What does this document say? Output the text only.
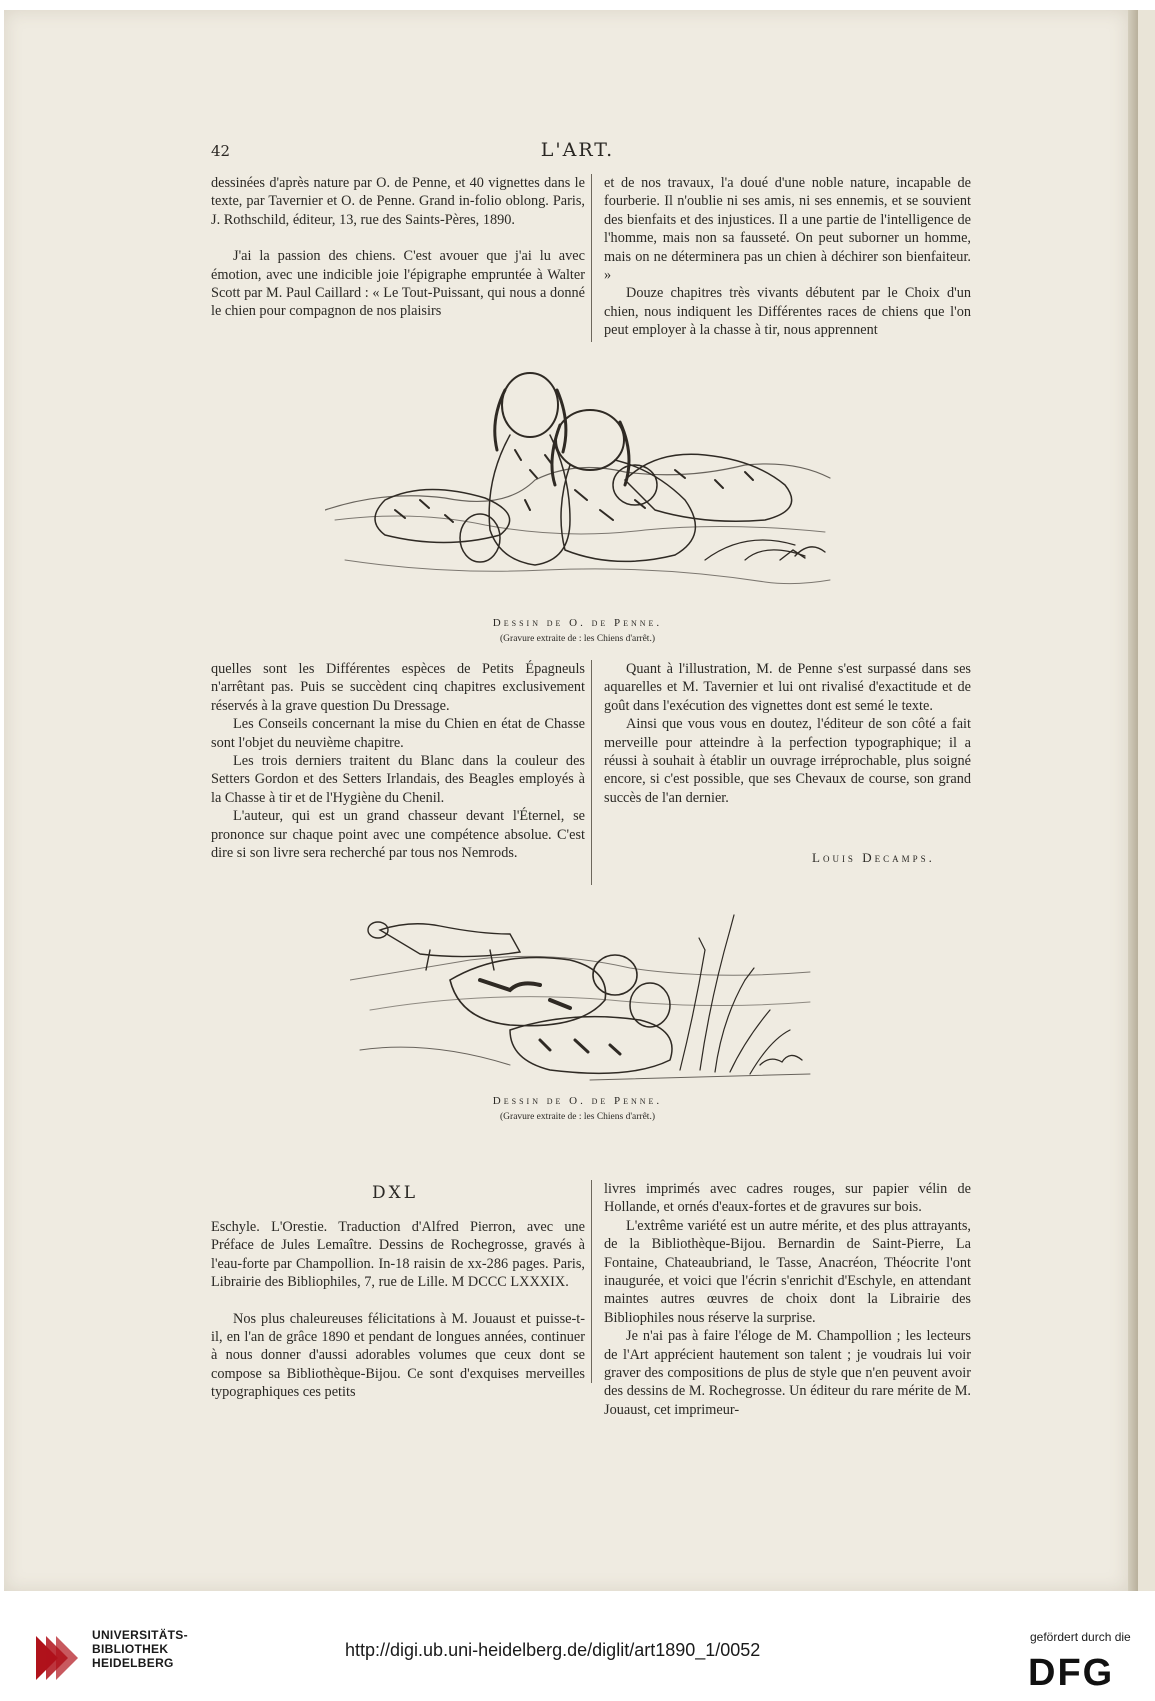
42	L'ART.

dessinées d'après nature par O. de Penne, et 40 vignettes dans le texte, par Tavernier et O. de Penne. Grand in-folio oblong. Paris, J. Rothschild, éditeur, 13, rue des Saints-Pères, 1890.

J'ai la passion des chiens. C'est avouer que j'ai lu avec émotion, avec une indicible joie l'épigraphe empruntée à Walter Scott par M. Paul Caillard : « Le Tout-Puissant, qui nous a donné le chien pour compagnon de nos plaisirs

et de nos travaux, l'a doué d'une noble nature, incapable de fourberie. Il n'oublie ni ses amis, ni ses ennemis, et se souvient des bienfaits et des injustices. Il a une partie de l'intelligence de l'homme, mais non sa fausseté. On peut suborner un homme, mais on ne déterminera pas un chien à déchirer son bienfaiteur. »

Douze chapitres très vivants débutent par le Choix d'un chien, nous indiquent les Différentes races de chiens que l'on peut employer à la chasse à tir, nous apprennent

Dessin de O. de Penne.
(Gravure extraite de : les Chiens d'arrêt.)

quelles sont les Différentes espèces de Petits Épagneuls n'arrêtant pas. Puis se succèdent cinq chapitres exclusivement réservés à la grave question Du Dressage.

Les Conseils concernant la mise du Chien en état de Chasse sont l'objet du neuvième chapitre.

Les trois derniers traitent du Blanc dans la couleur des Setters Gordon et des Setters Irlandais, des Beagles employés à la Chasse à tir et de l'Hygiène du Chenil.

L'auteur, qui est un grand chasseur devant l'Éternel, se prononce sur chaque point avec une compétence absolue. C'est dire si son livre sera recherché par tous nos Nemrods.

Quant à l'illustration, M. de Penne s'est surpassé dans ses aquarelles et M. Tavernier et lui ont rivalisé d'exactitude et de goût dans l'exécution des vignettes dont est semé le texte.

Ainsi que vous vous en doutez, l'éditeur de son côté a fait merveille pour atteindre à la perfection typographique; il a réussi à souhait à établir un ouvrage irréprochable, plus soigné encore, si c'est possible, que ses Chevaux de course, son grand succès de l'an dernier.

Louis Decamps.
Dessin de O. de Penne.
(Gravure extraite de : les Chiens d'arrêt.)
DXL

Eschyle. L'Orestie. Traduction d'Alfred Pierron, avec une Préface de Jules Lemaître. Dessins de Rochegrosse, gravés à l'eau-forte par Champollion. In-18 raisin de xx-286 pages. Paris, Librairie des Bibliophiles, 7, rue de Lille. M DCCC LXXXIX.

Nos plus chaleureuses félicitations à M. Jouaust et puisse-t-il, en l'an de grâce 1890 et pendant de longues années, continuer à nous donner d'aussi adorables volumes que ceux dont se compose sa Bibliothèque-Bijou. Ce sont d'exquises merveilles typographiques ces petits

livres imprimés avec cadres rouges, sur papier vélin de Hollande, et ornés d'eaux-fortes et de gravures sur bois.

L'extrême variété est un autre mérite, et des plus attrayants, de la Bibliothèque-Bijou. Bernardin de Saint-Pierre, La Fontaine, Chateaubriand, le Tasse, Anacréon, Théocrite l'ont inaugurée, et voici que l'écrin s'enrichit d'Eschyle, en attendant maintes autres œuvres de choix dont la Librairie des Bibliophiles nous réserve la surprise.

Je n'ai pas à faire l'éloge de M. Champollion ; les lecteurs de l'Art apprécient hautement son talent ; je voudrais lui voir graver des compositions de plus de style que n'en peuvent avoir des dessins de M. Rochegrosse. Un éditeur du rare mérite de M. Jouaust, cet imprimeur-

UNIVERSITÄTS-
BIBLIOTHEK
HEIDELBERG
http://digi.ub.uni-heidelberg.de/diglit/art1890_1/0052
gefördert durch die
DFG
